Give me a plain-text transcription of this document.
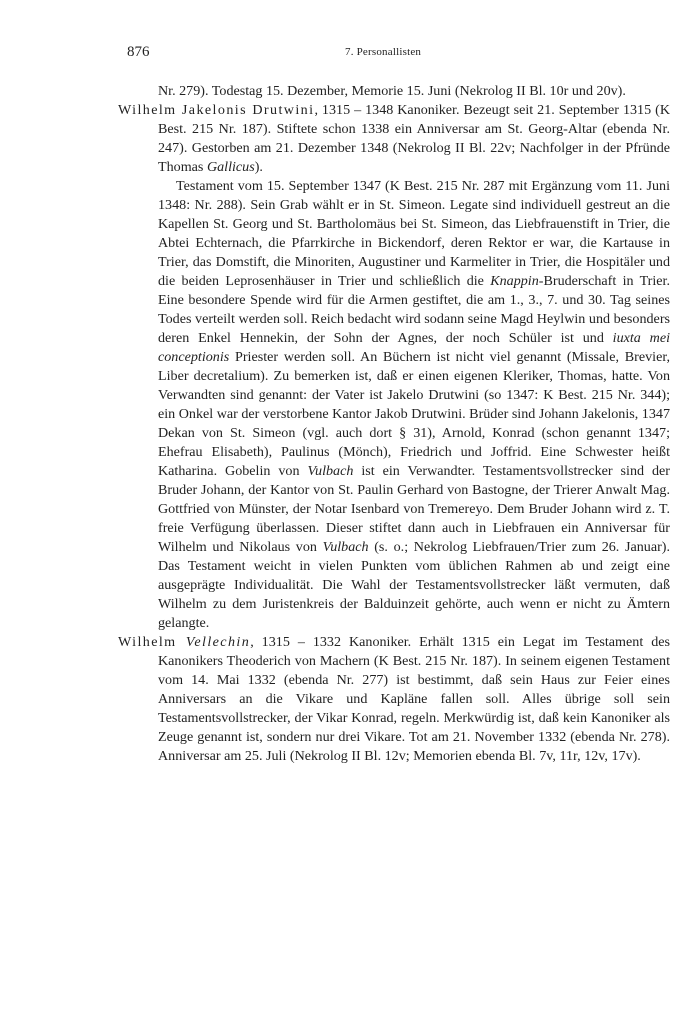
876	7. Personallisten

Nr. 279). Todestag 15. Dezember, Memorie 15. Juni (Nekrolog II Bl. 10r und 20v).

Wilhelm Jakelonis Drutwini, 1315 – 1348 Kanoniker. Bezeugt seit 21. September 1315 (K Best. 215 Nr. 187). Stiftete schon 1338 ein Anniversar am St. Georg-Altar (ebenda Nr. 247). Gestorben am 21. Dezember 1348 (Nekrolog II Bl. 22v; Nachfolger in der Pfründe Thomas Gallicus).

Testament vom 15. September 1347 (K Best. 215 Nr. 287 mit Ergänzung vom 11. Juni 1348: Nr. 288). Sein Grab wählt er in St. Simeon. Legate sind individuell gestreut an die Kapellen St. Georg und St. Bartholomäus bei St. Simeon, das Liebfrauenstift in Trier, die Abtei Echternach, die Pfarrkirche in Bickendorf, deren Rektor er war, die Kartause in Trier, das Domstift, die Minoriten, Augustiner und Karmeliter in Trier, die Hospitäler und die beiden Leprosenhäuser in Trier und schließlich die Knappin-Bruderschaft in Trier. Eine besondere Spende wird für die Armen gestiftet, die am 1., 3., 7. und 30. Tag seines Todes verteilt werden soll. Reich bedacht wird sodann seine Magd Heylwin und besonders deren Enkel Hennekin, der Sohn der Agnes, der noch Schüler ist und iuxta mei conceptionis Priester werden soll. An Büchern ist nicht viel genannt (Missale, Brevier, Liber decretalium). Zu bemerken ist, daß er einen eigenen Kleriker, Thomas, hatte. Von Verwandten sind genannt: der Vater ist Jakelo Drutwini (so 1347: K Best. 215 Nr. 344); ein Onkel war der verstorbene Kantor Jakob Drutwini. Brüder sind Johann Jakelonis, 1347 Dekan von St. Simeon (vgl. auch dort § 31), Arnold, Konrad (schon genannt 1347; Ehefrau Elisabeth), Paulinus (Mönch), Friedrich und Joffrid. Eine Schwester heißt Katharina. Gobelin von Vulbach ist ein Verwandter. Testamentsvollstrecker sind der Bruder Johann, der Kantor von St. Paulin Gerhard von Bastogne, der Trierer Anwalt Mag. Gottfried von Münster, der Notar Isenbard von Tremereyo. Dem Bruder Johann wird z. T. freie Verfügung überlassen. Dieser stiftet dann auch in Liebfrauen ein Anniversar für Wilhelm und Nikolaus von Vulbach (s. o.; Nekrolog Liebfrauen/Trier zum 26. Januar). Das Testament weicht in vielen Punkten vom üblichen Rahmen ab und zeigt eine ausgeprägte Individualität. Die Wahl der Testamentsvollstrecker läßt vermuten, daß Wilhelm zu dem Juristenkreis der Balduinzeit gehörte, auch wenn er nicht zu Ämtern gelangte.

Wilhelm Vellechin, 1315 – 1332 Kanoniker. Erhält 1315 ein Legat im Testament des Kanonikers Theoderich von Machern (K Best. 215 Nr. 187). In seinem eigenen Testament vom 14. Mai 1332 (ebenda Nr. 277) ist bestimmt, daß sein Haus zur Feier eines Anniversars an die Vikare und Kapläne fallen soll. Alles übrige soll sein Testamentsvollstrecker, der Vikar Konrad, regeln. Merkwürdig ist, daß kein Kanoniker als Zeuge genannt ist, sondern nur drei Vikare. Tot am 21. November 1332 (ebenda Nr. 278). Anniversar am 25. Juli (Nekrolog II Bl. 12v; Memorien ebenda Bl. 7v, 11r, 12v, 17v).
